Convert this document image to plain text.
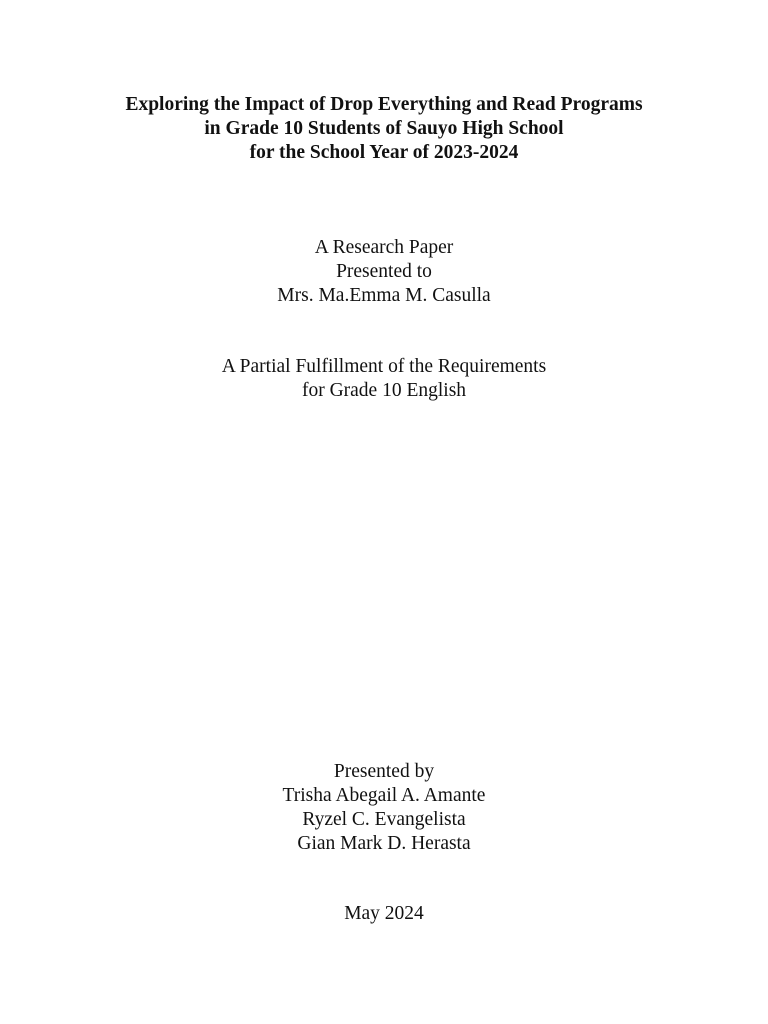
Exploring the Impact of Drop Everything and Read Programs
in Grade 10 Students of Sauyo High School
for the School Year of 2023-2024
A Research Paper
Presented to
Mrs. Ma.Emma M. Casulla
A Partial Fulfillment of the Requirements
for Grade 10 English
Presented by
Trisha Abegail A. Amante
Ryzel C. Evangelista
Gian Mark D. Herasta
May 2024
